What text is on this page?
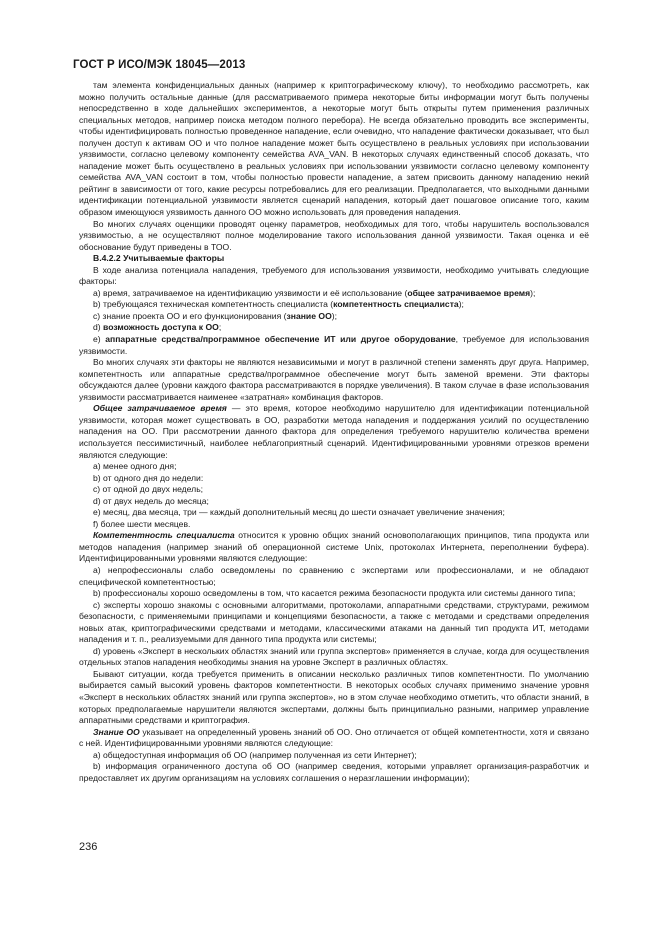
ГОСТ Р ИСО/МЭК 18045—2013

там элемента конфиденциальных данных (например к криптографическому ключу), то необходимо рассмотреть, как можно получить остальные данные (для рассматриваемого примера некоторые биты информации могут быть получены непосредственно в ходе дальнейших экспериментов, а некоторые могут быть открыты путем применения различных специальных методов, например поиска методом полного перебора). Не всегда обязательно проводить все эксперименты, чтобы идентифицировать полностью проведенное нападение, если очевидно, что нападение фактически доказывает, что был получен доступ к активам ОО и что полное нападение может быть осуществлено в реальных условиях при использовании уязвимости, согласно целевому компоненту семейства AVA_VAN. В некоторых случаях единственный способ доказать, что нападение может быть осуществлено в реальных условиях при использовании уязвимости согласно целевому компоненту семейства AVA_VAN состоит в том, чтобы полностью провести нападение, а затем присвоить данному нападению некий рейтинг в зависимости от того, какие ресурсы потребовались для его реализации. Предполагается, что выходными данными идентификации потенциальной уязвимости является сценарий нападения, который дает пошаговое описание того, каким образом имеющуюся уязвимость данного ОО можно использовать для проведения нападения.

Во многих случаях оценщики проводят оценку параметров, необходимых для того, чтобы нарушитель воспользовался уязвимостью, а не осуществляют полное моделирование такого использования данной уязвимости. Такая оценка и её обоснование будут приведены в ТОО.

B.4.2.2 Учитываемые факторы

В ходе анализа потенциала нападения, требуемого для использования уязвимости, необходимо учитывать следующие факторы:

а) время, затрачиваемое на идентификацию уязвимости и её использование (общее затрачиваемое время);

b) требующаяся техническая компетентность специалиста (компетентность специалиста);

c) знание проекта ОО и его функционирования (знание ОО);

d) возможность доступа к ОО;

e) аппаратные средства/программное обеспечение ИТ или другое оборудование, требуемое для использования уязвимости.

Во многих случаях эти факторы не являются независимыми и могут в различной степени заменять друг друга. Например, компетентность или аппаратные средства/программное обеспечение могут быть заменой времени. Эти факторы обсуждаются далее (уровни каждого фактора рассматриваются в порядке увеличения). В таком случае в фазе использования уязвимости рассматривается наименее «затратная» комбинация факторов.

Общее затрачиваемое время — это время, которое необходимо нарушителю для идентификации потенциальной уязвимости, которая может существовать в ОО, разработки метода нападения и поддержания усилий по осуществлению нападения на ОО. При рассмотрении данного фактора для определения требуемого нарушителю количества времени используется пессимистичный, наиболее неблагоприятный сценарий. Идентифицированными уровнями отрезков времени являются следующие:

а) менее одного дня;

b) от одного дня до недели:

c) от одной до двух недель;

d) от двух недель до месяца;

e) месяц, два месяца, три — каждый дополнительный месяц до шести означает увеличение значения;

f) более шести месяцев.

Компетентность специалиста относится к уровню общих знаний основополагающих принципов, типа продукта или методов нападения (например знаний об операционной системе Unix, протоколах Интернета, переполнении буфера). Идентифицированными уровнями являются следующие:

а) непрофессионалы слабо осведомлены по сравнению с экспертами или профессионалами, и не обладают специфической компетентностью;

b) профессионалы хорошо осведомлены в том, что касается режима безопасности продукта или системы данного типа;

c) эксперты хорошо знакомы с основными алгоритмами, протоколами, аппаратными средствами, структурами, режимом безопасности, с применяемыми принципами и концепциями безопасности, а также с методами и средствами определения новых атак, криптографическими средствами и методами, классическими атаками на данный тип продукта ИТ, методами нападения и т. п., реализуемыми для данного типа продукта или системы;

d) уровень «Эксперт в нескольких областях знаний или группа экспертов» применяется в случае, когда для осуществления отдельных этапов нападения необходимы знания на уровне Эксперт в различных областях.

Бывают ситуации, когда требуется применить в описании несколько различных типов компетентности. По умолчанию выбирается самый высокий уровень факторов компетентности. В некоторых особых случаях применимо значение уровня «Эксперт в нескольких областях знаний или группа экспертов», но в этом случае необходимо отметить, что области знаний, в которых предполагаемые нарушители являются экспертами, должны быть принципиально разными, например управление аппаратными средствами и криптография.

Знание ОО указывает на определенный уровень знаний об ОО. Оно отличается от общей компетентности, хотя и связано с ней. Идентифицированными уровнями являются следующие:

а) общедоступная информация об ОО (например полученная из сети Интернет);

b) информация ограниченного доступа об ОО (например сведения, которыми управляет организация-разработчик и предоставляет их другим организациям на условиях соглашения о неразглашении информации);

236
